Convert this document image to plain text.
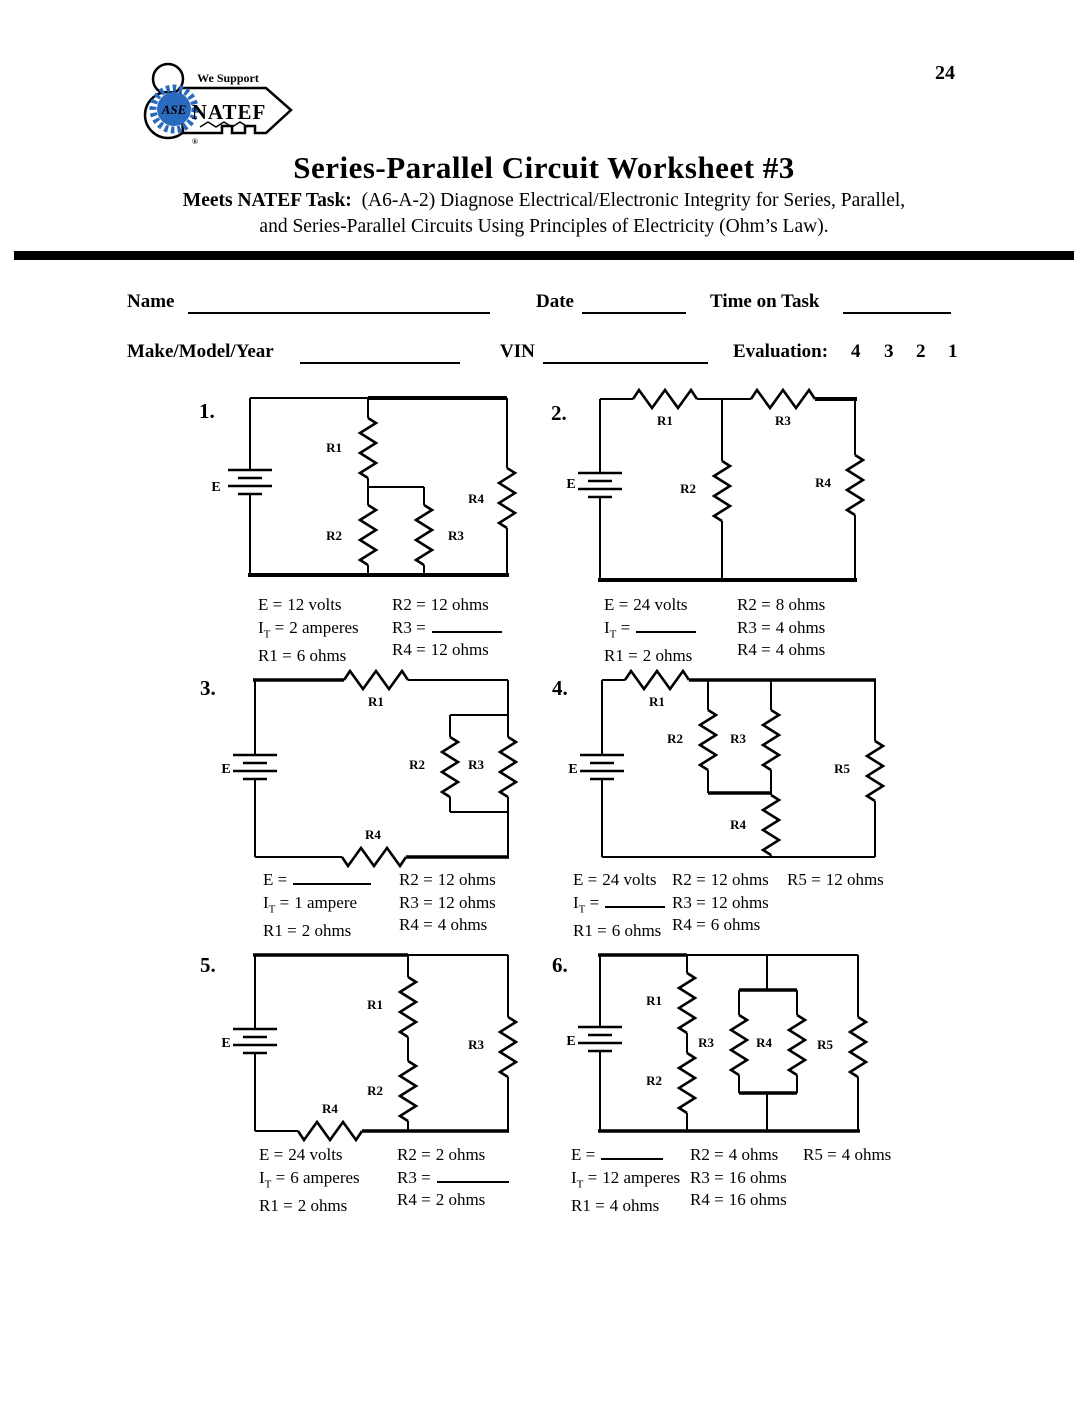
24
ASE
We Support
NATEF
®
Series-Parallel Circuit Worksheet #3
Meets NATEF Task: (A6-A-2) Diagnose Electrical/Electronic Integrity for Series, Parallel,
and Series-Parallel Circuits Using Principles of Electricity (Ohm’s Law).
Name	Date	Time on Task
Make/Model/Year	VIN	Evaluation: 4 3 2 1
1.
E
R1
R2	R3
R4
E = 12 volts
$I_T = 2$ amperes
R1 = 6 ohms
R2 = 12 ohms
R3 =
R4 = 12 ohms
2.
E
R1	R3
R2	R4
E = 24 volts
$I_T$ =
R1 = 2 ohms
R2 = 8 ohms
R3 = 4 ohms
R4 = 4 ohms
3.
E
R1
R2	R3
R4
E =
$I_T = 1$ ampere
R1 = 2 ohms
R2 = 12 ohms
R3 = 12 ohms
R4 = 4 ohms
4.
E
R1
R2	R3
R4
R5
E = 24 volts
$I_T$ =
R1 = 6 ohms
R2 = 12 ohms
R3 = 12 ohms
R4 = 6 ohms
R5 = 12 ohms
5.
E
R1
R2
R3
R4
E = 24 volts
$I_T = 6$ amperes
R1 = 2 ohms
R2 = 2 ohms
R3 =
R4 = 2 ohms
6.
E
R1
R2
R3	R4	R5
E =
$I_T = 12$ amperes
R1 = 4 ohms
R2 = 4 ohms
R3 = 16 ohms
R4 = 16 ohms
R5 = 4 ohms
